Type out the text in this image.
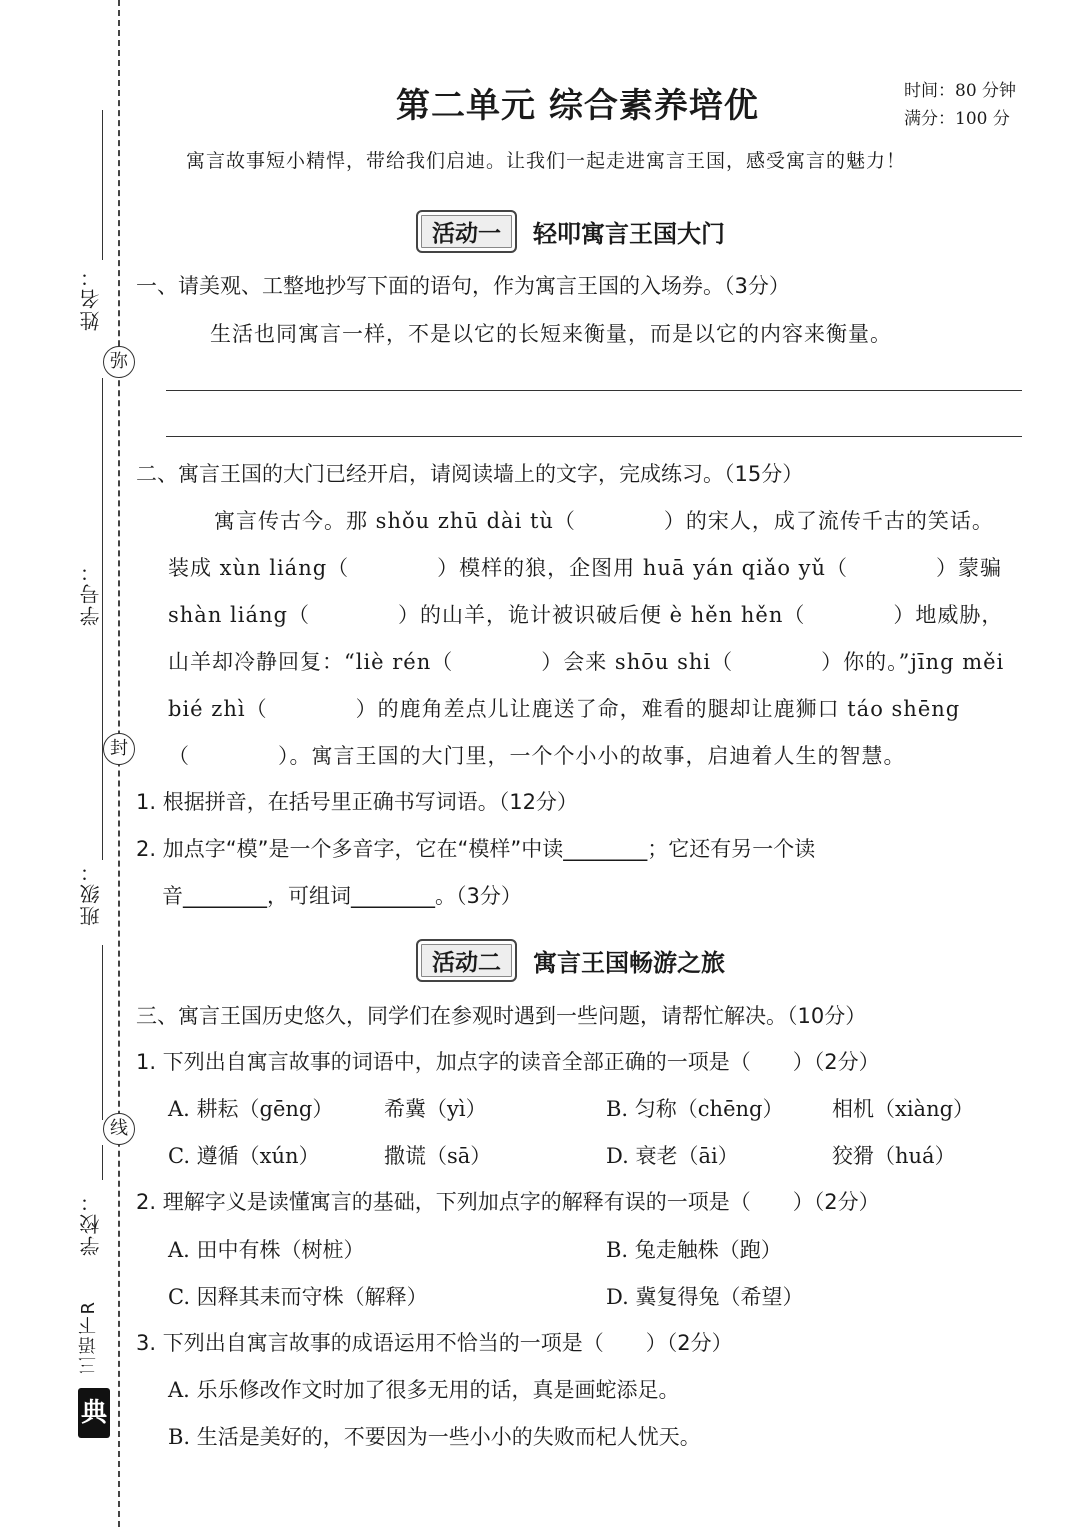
弥
封
线
姓名：
学号：
班级：
学校：
三语下R
典
第二单元 综合素养培优	时间：80 分钟
满分：100 分
寓言故事短小精悍，带给我们启迪。让我们一起走进寓言王国，感受寓言的魅力！
活动一	轻叩寓言王国大门
一、请美观、工整地抄写下面的语句，作为寓言王国的入场券。（3分）
生活也同寓言一样，不是以它的长短来衡量，而是以它的内容来衡量。
二、寓言王国的大门已经开启，请阅读墙上的文字，完成练习。（15分）
寓言传古今。那 shǒu zhū dài tù（　　　　）的宋人，成了流传千古的笑话。
装成 xùn liáng（　　　　）模样的狼，企图用 huā yán qiǎo yǔ（　　　　）蒙骗
shàn liáng（　　　　）的山羊，诡计被识破后便 è hěn hěn（　　　　）地威胁，
山羊却冷静回复：“liè rén（　　　　）会来 shōu shi（　　　　）你的。”jīng měi
bié zhì（　　　　）的鹿角差点儿让鹿送了命，难看的腿却让鹿狮口 táo shēng
（　　　　）。寓言王国的大门里，一个个小小的故事，启迪着人生的智慧。
1. 根据拼音，在括号里正确书写词语。（12分）
2. 加点字“模”是一个多音字，它在“模样”中读________；它还有另一个读
音________，可组词________。（3分）
活动二	寓言王国畅游之旅
三、寓言王国历史悠久，同学们在参观时遇到一些问题，请帮忙解决。（10分）
1. 下列出自寓言故事的词语中，加点字的读音全部正确的一项是（　　）（2分）
A. 耕耘（gēng） 希冀（yì）	B. 匀称（chēng） 相机（xiàng）
C. 遵循（xún）	撒谎（sā）	D. 衰老（āi）	狡猾（huá）
2. 理解字义是读懂寓言的基础，下列加点字的解释有误的一项是（　　）（2分）
A. 田中有株（树桩）	B. 兔走触株（跑）
C. 因释其耒而守株（解释）	D. 冀复得兔（希望）
3. 下列出自寓言故事的成语运用不恰当的一项是（　　）（2分）
A. 乐乐修改作文时加了很多无用的话，真是画蛇添足。
B. 生活是美好的，不要因为一些小小的失败而杞人忧天。
